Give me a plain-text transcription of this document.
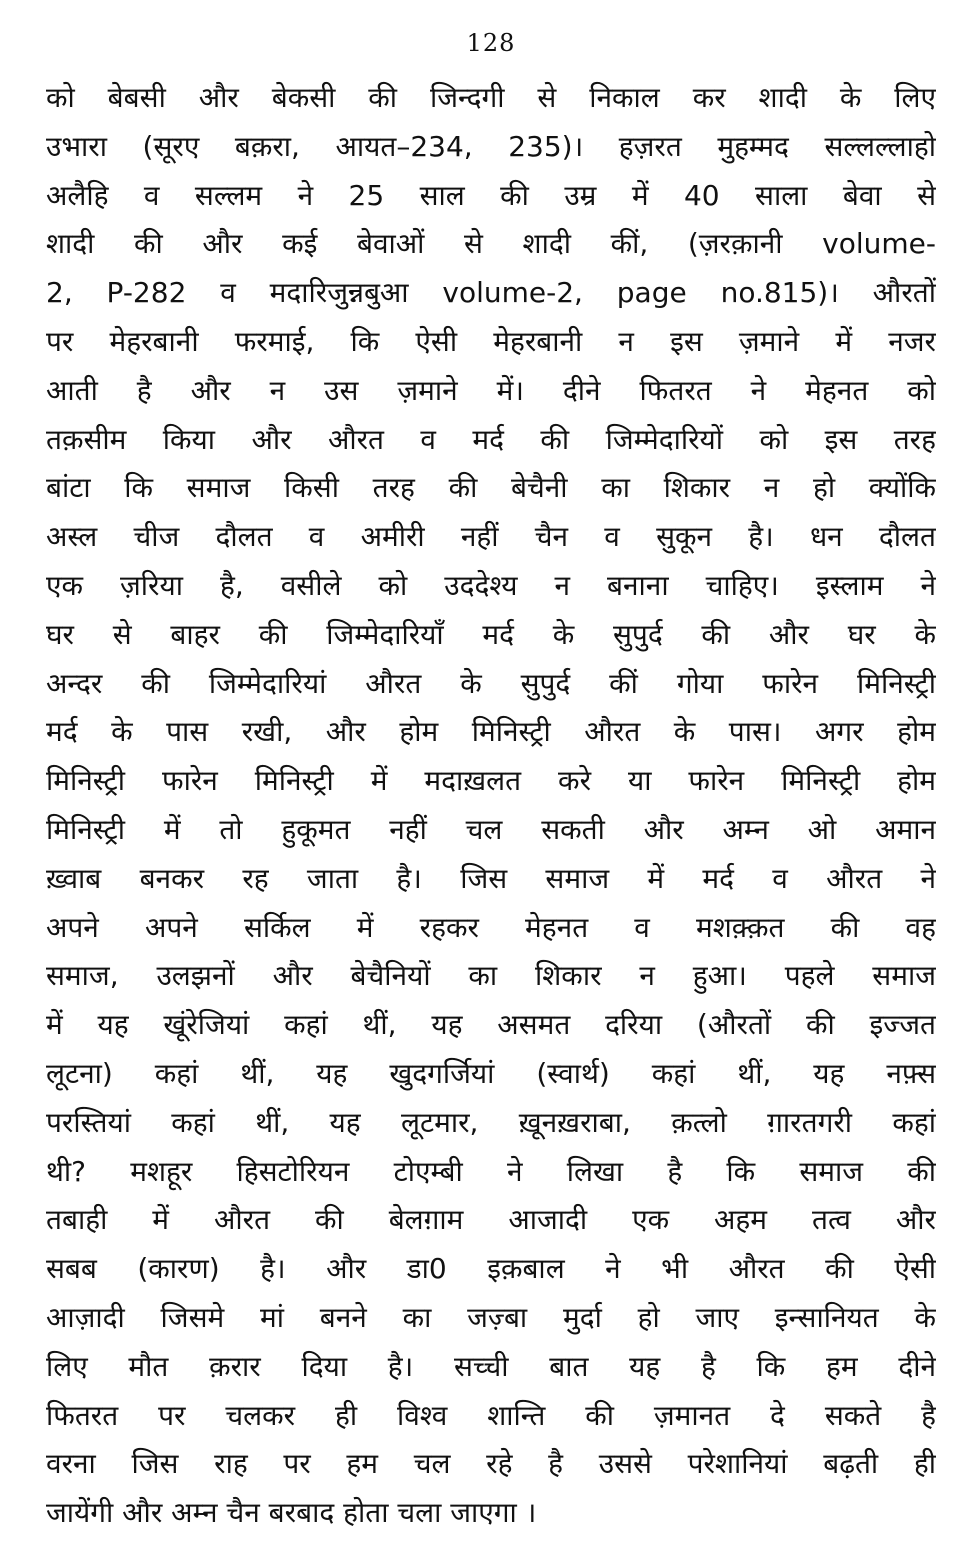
128
को बेबसी और बेकसी की जिन्दगी से निकाल कर शादी के लिए
उभारा (सूरए बक़रा, आयत–234, 235)। हज़रत मुहम्मद सल्लल्लाहो
अलैहि व सल्लम ने 25 साल की उम्र में 40 साला बेवा से
शादी की और कई बेवाओं से शादी कीं, (ज़रक़ानी volume-
2, P-282 व मदारिजुन्नबुआ volume-2, page no.815)। औरतों
पर मेहरबानी फरमाई, कि ऐसी मेहरबानी न इस ज़माने में नजर
आती है और न उस ज़माने में। दीने फितरत ने मेहनत को
तक़सीम किया और औरत व मर्द की जिम्मेदारियों को इस तरह
बांटा कि समाज किसी तरह की बेचैनी का शिकार न हो क्योंकि
अस्ल चीज दौलत व अमीरी नहीं चैन व सुकून है। धन दौलत
एक ज़रिया है, वसीले को उददेश्य न बनाना चाहिए। इस्लाम ने
घर से बाहर की जिम्मेदारियाँ मर्द के सुपुर्द की और घर के
अन्दर की जिम्मेदारियां औरत के सुपुर्द कीं गोया फारेन मिनिस्ट्री
मर्द के पास रखी, और होम मिनिस्ट्री औरत के पास। अगर होम
मिनिस्ट्री फारेन मिनिस्ट्री में मदाख़लत करे या फारेन मिनिस्ट्री होम
मिनिस्ट्री में तो हुकूमत नहीं चल सकती और अम्न ओ अमान
ख़्वाब बनकर रह जाता है। जिस समाज में मर्द व औरत ने
अपने अपने सर्किल में रहकर मेहनत व मशक़्क़त की वह
समाज, उलझनों और बेचैनियों का शिकार न हुआ। पहले समाज
में यह खूंरेजियां कहां थीं, यह असमत दरिया (औरतों की इज्जत
लूटना) कहां थीं, यह खुदगर्जियां (स्वार्थ) कहां थीं, यह नफ़्स
परस्तियां कहां थीं, यह लूटमार, ख़ूनख़राबा, क़त्लो ग़ारतगरी कहां
थी? मशहूर हिसटोरियन टोएम्बी ने लिखा है कि समाज की
तबाही में औरत की बेलग़ाम आजादी एक अहम तत्व और
सबब (कारण) है। और डा0 इक़बाल ने भी औरत की ऐसी
आज़ादी जिसमे मां बनने का जज़्बा मुर्दा हो जाए इन्सानियत के
लिए मौत क़रार दिया है। सच्ची बात यह है कि हम दीने
फितरत पर चलकर ही विश्व शान्ति की ज़मानत दे सकते है
वरना जिस राह पर हम चल रहे है उससे परेशानियां बढ़ती ही
जायेंगी और अम्न चैन बरबाद होता चला जाएगा ।
